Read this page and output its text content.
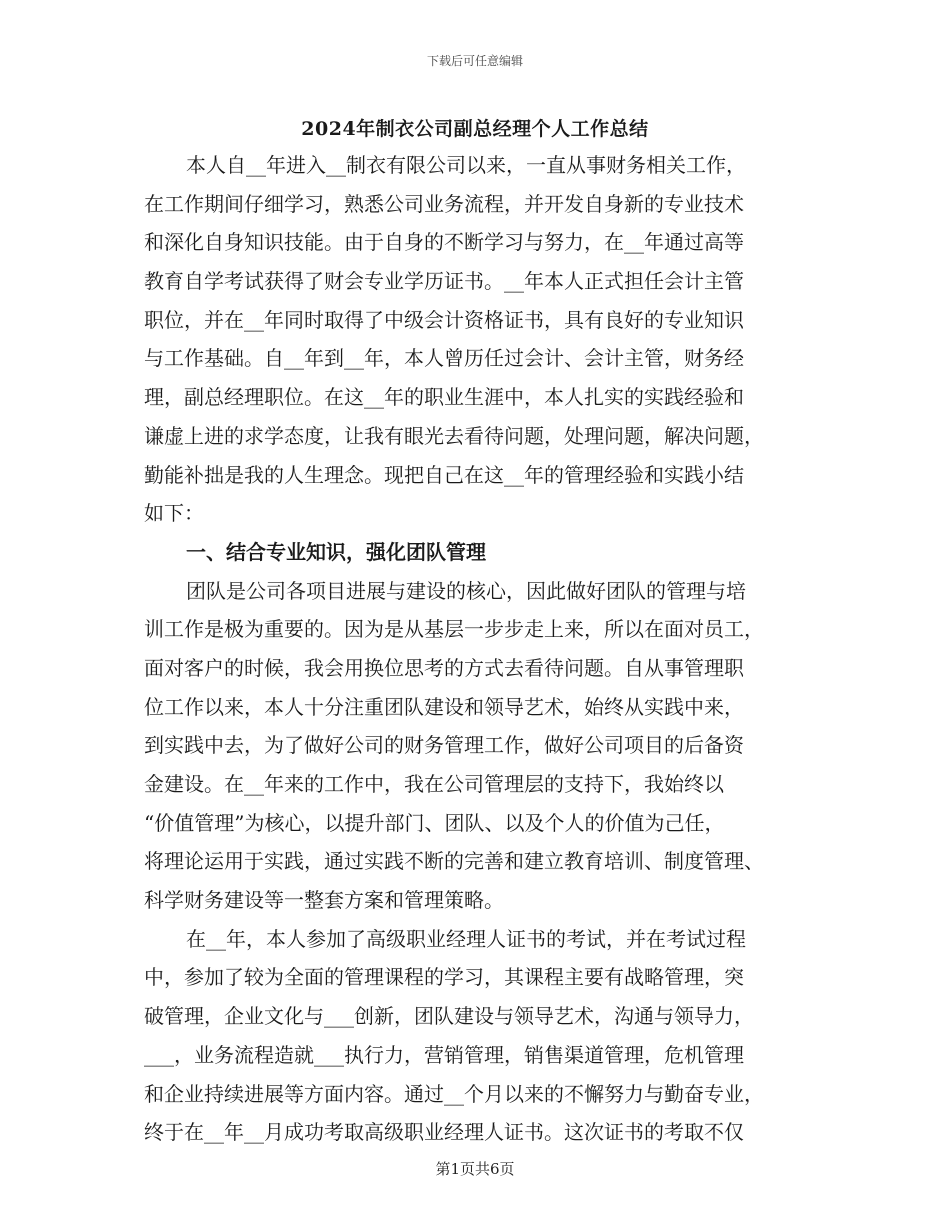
下载后可任意编辑
2024年制衣公司副总经理个人工作总结
本人自__年进入__制衣有限公司以来，一直从事财务相关工作，
在工作期间仔细学习，熟悉公司业务流程，并开发自身新的专业技术
和深化自身知识技能。由于自身的不断学习与努力，在__年通过高等
教育自学考试获得了财会专业学历证书。__年本人正式担任会计主管
职位，并在__年同时取得了中级会计资格证书，具有良好的专业知识
与工作基础。自__年到__年，本人曾历任过会计、会计主管，财务经
理，副总经理职位。在这__年的职业生涯中，本人扎实的实践经验和
谦虚上进的求学态度，让我有眼光去看待问题，处理问题，解决问题，
勤能补拙是我的人生理念。现把自己在这__年的管理经验和实践小结
如下：
一、结合专业知识，强化团队管理
团队是公司各项目进展与建设的核心，因此做好团队的管理与培
训工作是极为重要的。因为是从基层一步步走上来，所以在面对员工，
面对客户的时候，我会用换位思考的方式去看待问题。自从事管理职
位工作以来，本人十分注重团队建设和领导艺术，始终从实践中来，
到实践中去，为了做好公司的财务管理工作，做好公司项目的后备资
金建设。在__年来的工作中，我在公司管理层的支持下，我始终以
“价值管理”为核心，以提升部门、团队、以及个人的价值为己任，
将理论运用于实践，通过实践不断的完善和建立教育培训、制度管理、
科学财务建设等一整套方案和管理策略。
在__年，本人参加了高级职业经理人证书的考试，并在考试过程
中，参加了较为全面的管理课程的学习，其课程主要有战略管理，突
破管理，企业文化与___创新，团队建设与领导艺术，沟通与领导力，
___，业务流程造就___执行力，营销管理，销售渠道管理，危机管理
和企业持续进展等方面内容。通过__个月以来的不懈努力与勤奋专业，
终于在__年__月成功考取高级职业经理人证书。这次证书的考取不仅
第1页共6页
